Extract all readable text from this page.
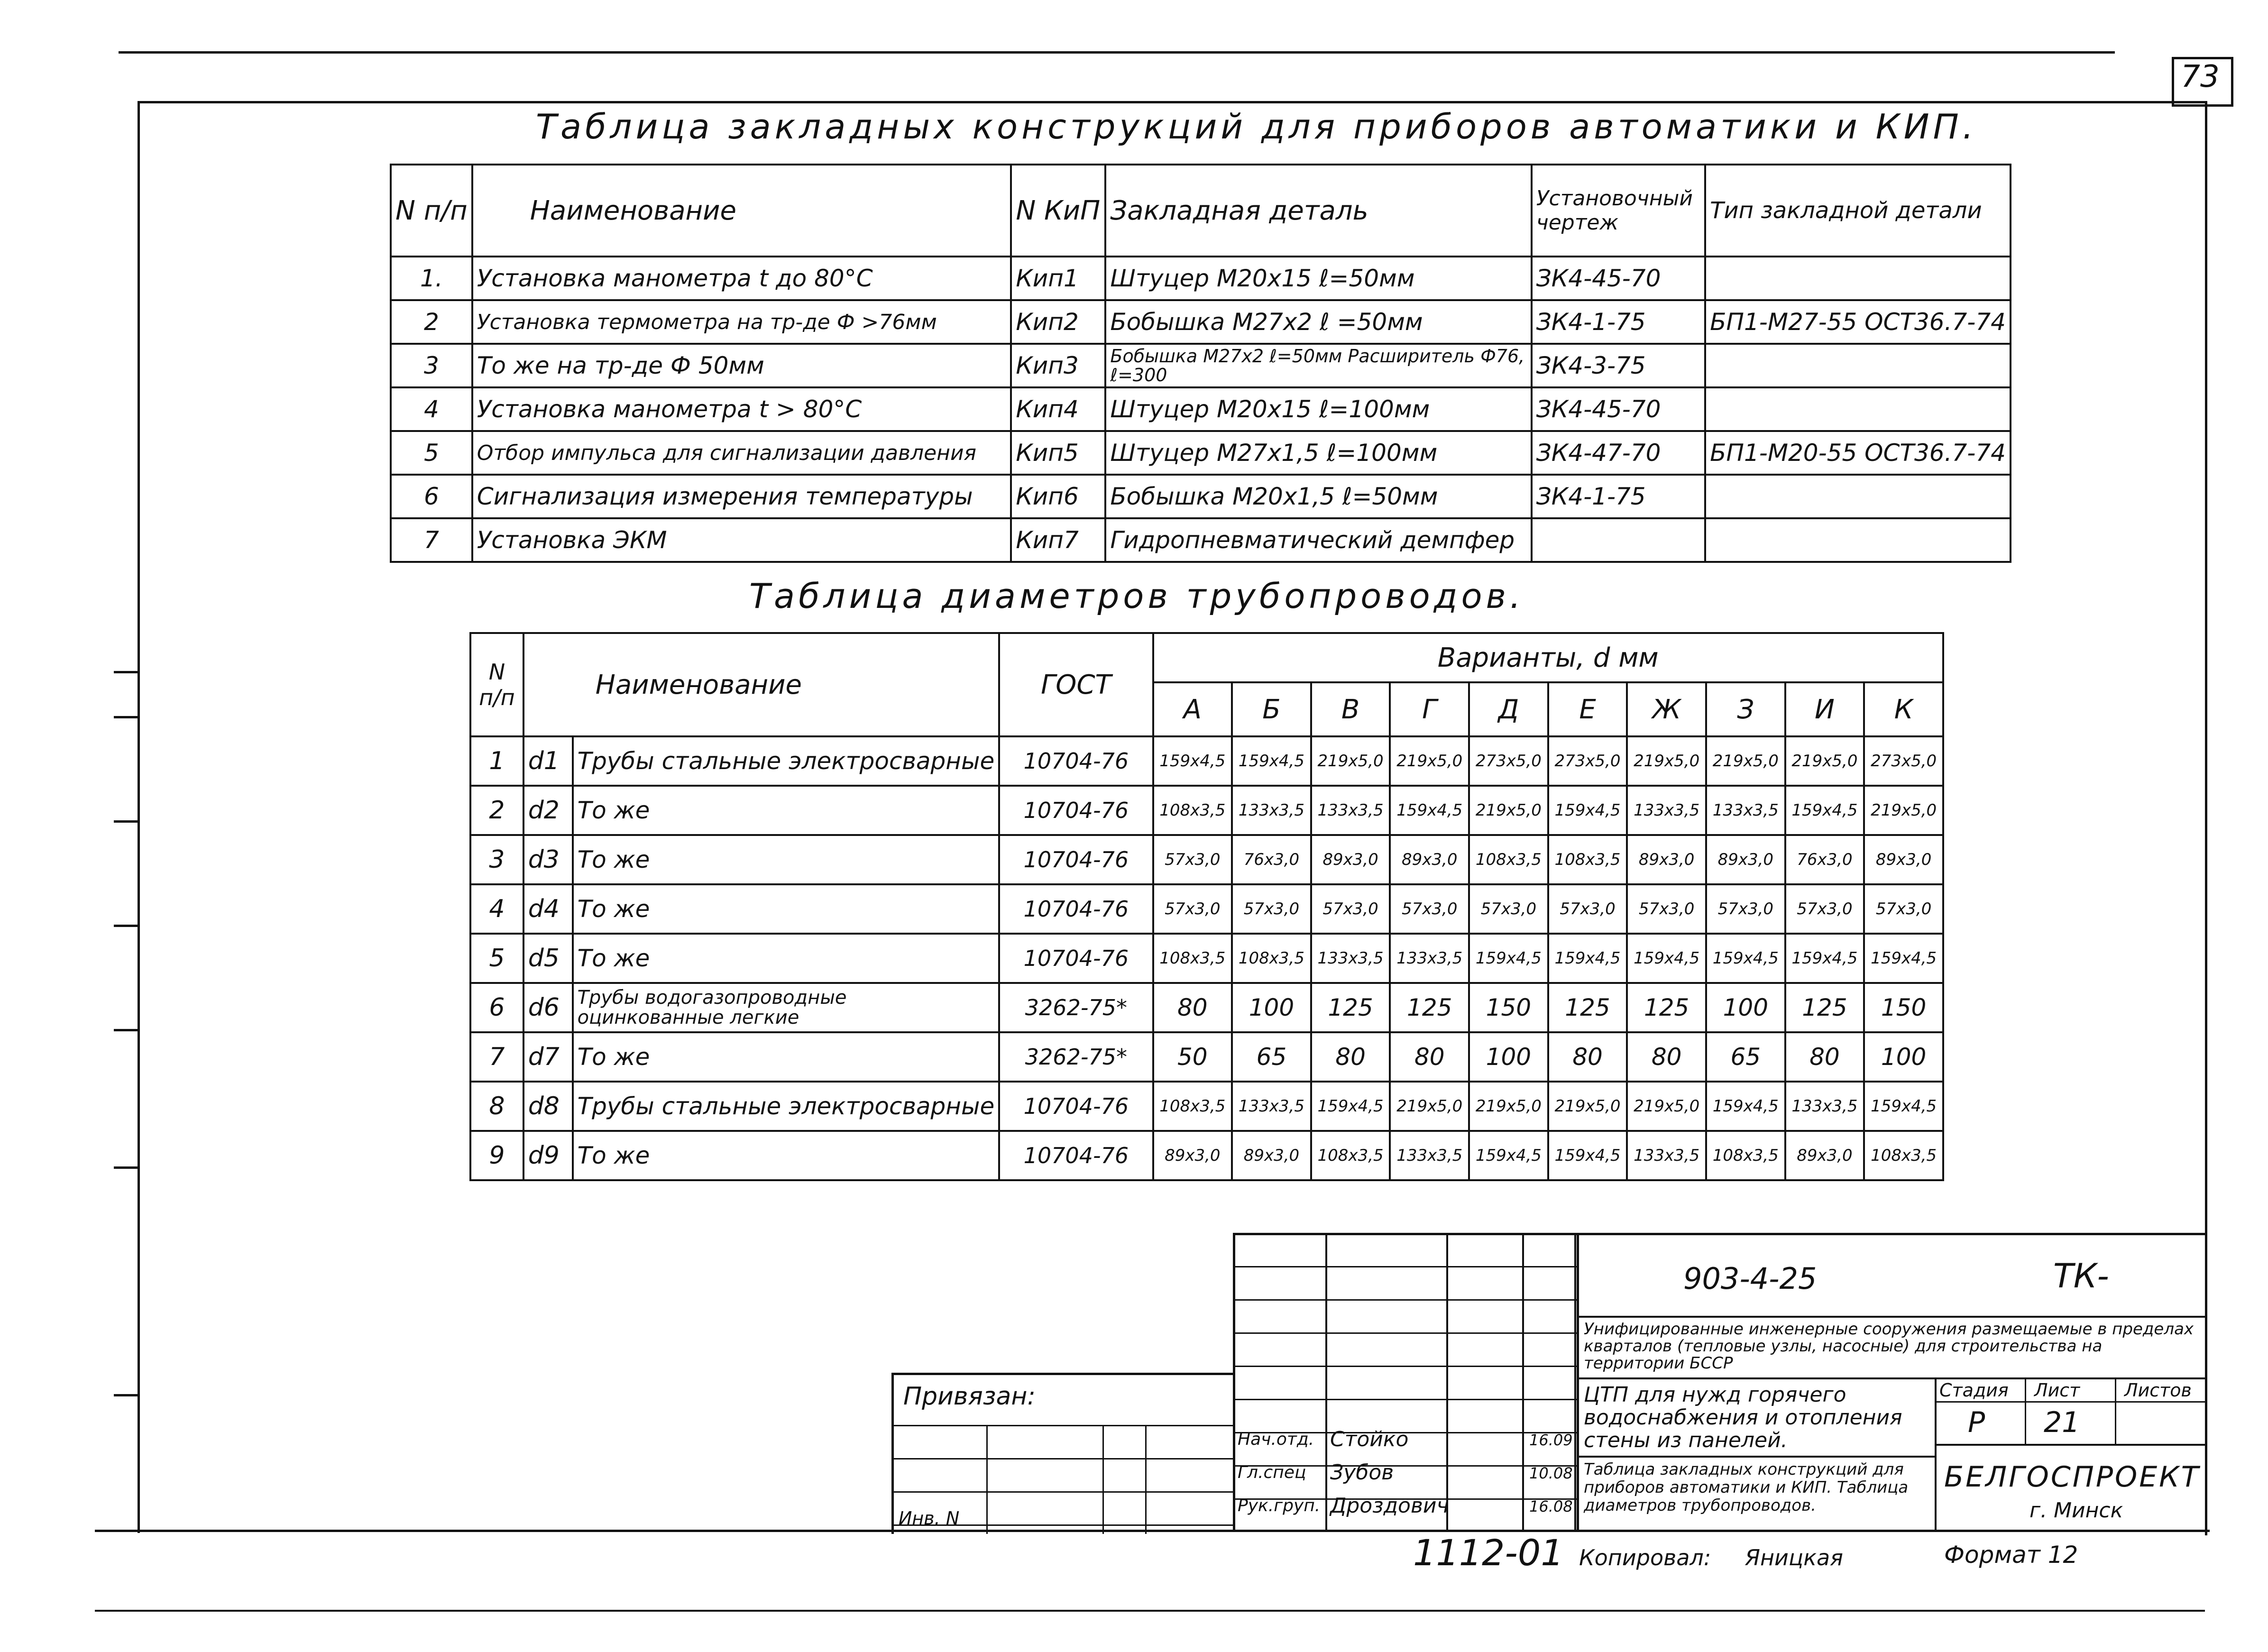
73
Таблица закладных конструкций для приборов автоматики и КИП.
N п/п	Наименование	N КиП	Закладная деталь	Установочный чертеж	Тип закладной детали
1.	Установка манометра t до 80°С	Кип1	Штуцер М20х15 ℓ=50мм	ЗК4-45-70	
2	Установка термометра на тр-де Ф >76мм	Кип2	Бобышка М27х2 ℓ =50мм	ЗК4-1-75	БП1-М27-55 ОСТ36.7-74
3	То же на тр-де Ф 50мм	Кип3	Бобышка М27х2 ℓ=50мм Расширитель Ф76, ℓ=300	ЗК4-3-75	
4	Установка манометра t > 80°С	Кип4	Штуцер М20х15 ℓ=100мм	ЗК4-45-70	
5	Отбор импульса для сигнализации давления	Кип5	Штуцер М27х1,5 ℓ=100мм	ЗК4-47-70	БП1-М20-55 ОСТ36.7-74
6	Сигнализация измерения температуры	Кип6	Бобышка М20х1,5 ℓ=50мм	ЗК4-1-75	
7	Установка ЭКМ	Кип7	Гидропневматический демпфер		
Таблица диаметров трубопроводов.
N п/п	Наименование		ГОСТ	Варианты, d мм									
				А	Б	В	Г	Д	Е	Ж	З	И	К
1	d1	Трубы стальные электросварные	10704-76	159х4,5	159х4,5	219х5,0	219х5,0	273х5,0	273х5,0	219х5,0	219х5,0	219х5,0	273х5,0
2	d2	То же	10704-76	108х3,5	133х3,5	133х3,5	159х4,5	219х5,0	159х4,5	133х3,5	133х3,5	159х4,5	219х5,0
3	d3	То же	10704-76	57х3,0	76х3,0	89х3,0	89х3,0	108х3,5	108х3,5	89х3,0	89х3,0	76х3,0	89х3,0
4	d4	То же	10704-76	57х3,0	57х3,0	57х3,0	57х3,0	57х3,0	57х3,0	57х3,0	57х3,0	57х3,0	57х3,0
5	d5	То же	10704-76	108х3,5	108х3,5	133х3,5	133х3,5	159х4,5	159х4,5	159х4,5	159х4,5	159х4,5	159х4,5
6	d6	Трубы водогазопроводные оцинкованные легкие	3262-75*	80	100	125	125	150	125	125	100	125	150
7	d7	То же	3262-75*	50	65	80	80	100	80	80	65	80	100
8	d8	Трубы стальные электросварные	10704-76	108х3,5	133х3,5	159х4,5	219х5,0	219х5,0	219х5,0	219х5,0	159х4,5	133х3,5	159х4,5
9	d9	То же	10704-76	89х3,0	89х3,0	108х3,5	133х3,5	159х4,5	159х4,5	133х3,5	108х3,5	89х3,0	108х3,5
903-4-25	ТК-
Унифицированные инженерные сооружения размещаемые в пределах кварталов (тепловые узлы, насосные) для строительства на территории БССР
ЦТП для нужд горячего водоснабжения и отопления стены из панелей.
Таблица закладных конструкций для приборов автоматики и КИП. Таблица диаметров трубопроводов.
Стадия Лист Листов
Р 21
БЕЛГОСПРОЕКТ
г. Минск
Нач.отд. Стойко	16.09
Гл.спец Зубов	10.08
Рук.груп. Дроздович	16.08
Привязан:
Инв. N
1112-01 Копировал: Яницкая	Формат 12
